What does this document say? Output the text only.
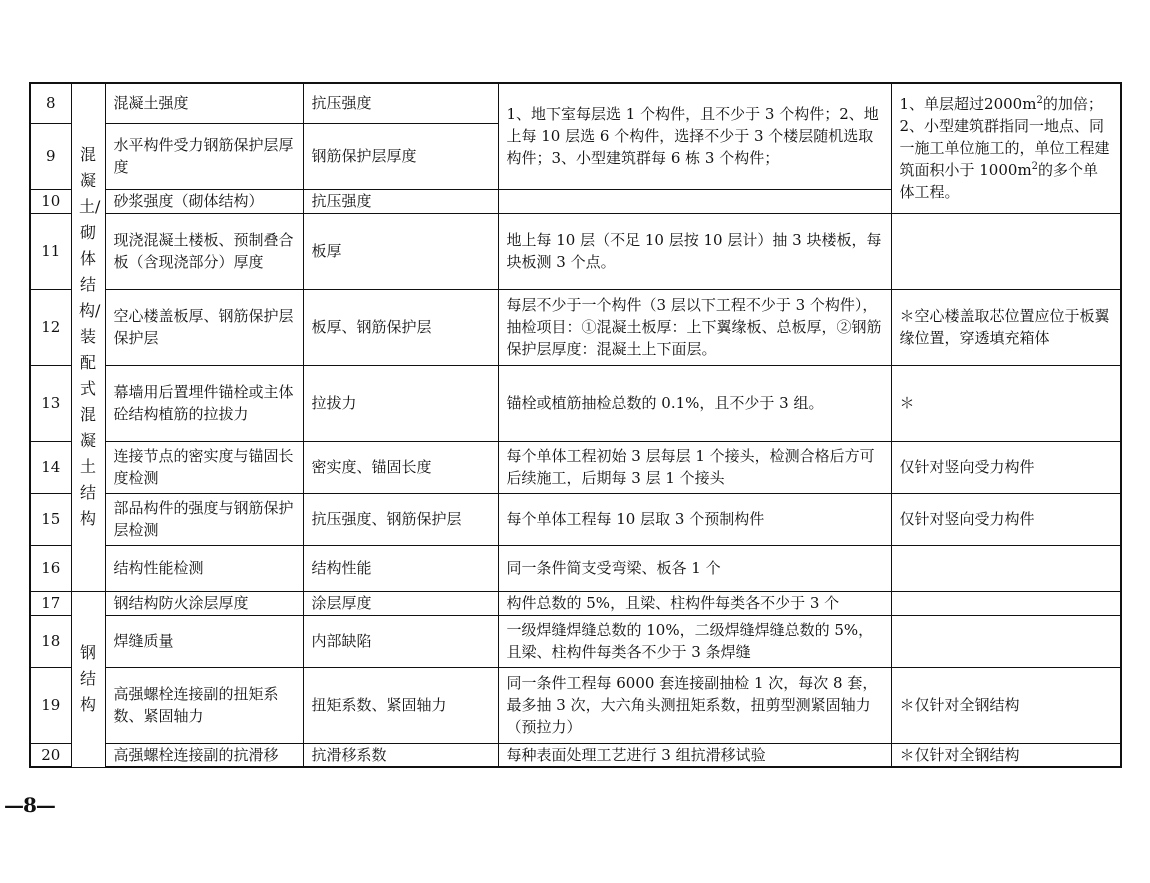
8	混凝土/砌体结构/装配式混凝土结构	混凝土强度	抗压强度	1、地下室每层选 1 个构件，且不少于 3 个构件；2、地上每 10 层选 6 个构件，选择不少于 3 个楼层随机选取构件；3、小型建筑群每 6 栋 3 个构件；	1、单层超过$2000m^2$的加倍；2、小型建筑群指同一地点、同一施工单位施工的，单位工程建筑面积小于 $1000m^2$的多个单体工程。
9		水平构件受力钢筋保护层厚度	钢筋保护层厚度		
10		砂浆强度（砌体结构）	抗压强度		
11		现浇混凝土楼板、预制叠合板（含现浇部分）厚度	板厚	地上每 10 层（不足 10 层按 10 层计）抽 3 块楼板，每块板测 3 个点。	
12		空心楼盖板厚、钢筋保护层保护层	板厚、钢筋保护层	每层不少于一个构件（3 层以下工程不少于 3 个构件），抽检项目：①混凝土板厚：上下翼缘板、总板厚，②钢筋保护层厚度：混凝土上下面层。	＊空心楼盖取芯位置应位于板翼缘位置，穿透填充箱体
13		幕墙用后置埋件锚栓或主体砼结构植筋的拉拔力	拉拔力	锚栓或植筋抽检总数的 0.1%，且不少于 3 组。	＊
14		连接节点的密实度与锚固长度检测	密实度、锚固长度	每个单体工程初始 3 层每层 1 个接头，检测合格后方可后续施工，后期每 3 层 1 个接头	仅针对竖向受力构件
15		部品构件的强度与钢筋保护层检测	抗压强度、钢筋保护层	每个单体工程每 10 层取 3 个预制构件	仅针对竖向受力构件
16		结构性能检测	结构性能	同一条件简支受弯梁、板各 1 个	
17	钢结构	钢结构防火涂层厚度	涂层厚度	构件总数的 5%，且梁、柱构件每类各不少于 3 个	
18		焊缝质量	内部缺陷	一级焊缝焊缝总数的 10%，二级焊缝焊缝总数的 5%，且梁、柱构件每类各不少于 3 条焊缝	
19		高强螺栓连接副的扭矩系数、紧固轴力	扭矩系数、紧固轴力	同一条件工程每 6000 套连接副抽检 1 次，每次 8 套，最多抽 3 次，大六角头测扭矩系数，扭剪型测紧固轴力（预拉力）	＊仅针对全钢结构
20		高强螺栓连接副的抗滑移	抗滑移系数	每种表面处理工艺进行 3 组抗滑移试验	＊仅针对全钢结构
—8—
